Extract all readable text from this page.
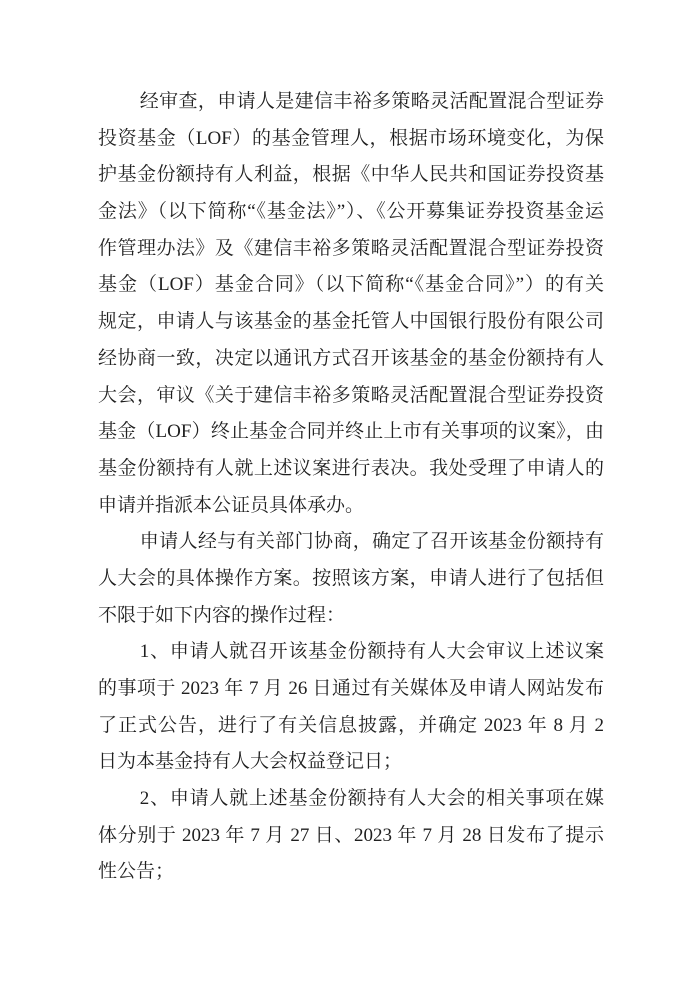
经审查，申请人是建信丰裕多策略灵活配置混合型证券
投资基金（LOF）的基金管理人，根据市场环境变化，为保
护基金份额持有人利益，根据《中华人民共和国证券投资基
金法》（以下简称“《基金法》”）、《公开募集证券投资基金运
作管理办法》及《建信丰裕多策略灵活配置混合型证券投资
基金（LOF）基金合同》（以下简称“《基金合同》”）的有关
规定，申请人与该基金的基金托管人中国银行股份有限公司
经协商一致，决定以通讯方式召开该基金的基金份额持有人
大会，审议《关于建信丰裕多策略灵活配置混合型证券投资
基金（LOF）终止基金合同并终止上市有关事项的议案》，由
基金份额持有人就上述议案进行表决。我处受理了申请人的
申请并指派本公证员具体承办。
申请人经与有关部门协商，确定了召开该基金份额持有
人大会的具体操作方案。按照该方案，申请人进行了包括但
不限于如下内容的操作过程：
1、申请人就召开该基金份额持有人大会审议上述议案
的事项于 2023 年 7 月 26 日通过有关媒体及申请人网站发布
了正式公告，进行了有关信息披露，并确定 2023 年 8 月 2
日为本基金持有人大会权益登记日；
2、申请人就上述基金份额持有人大会的相关事项在媒
体分别于 2023 年 7 月 27 日、2023 年 7 月 28 日发布了提示
性公告；
